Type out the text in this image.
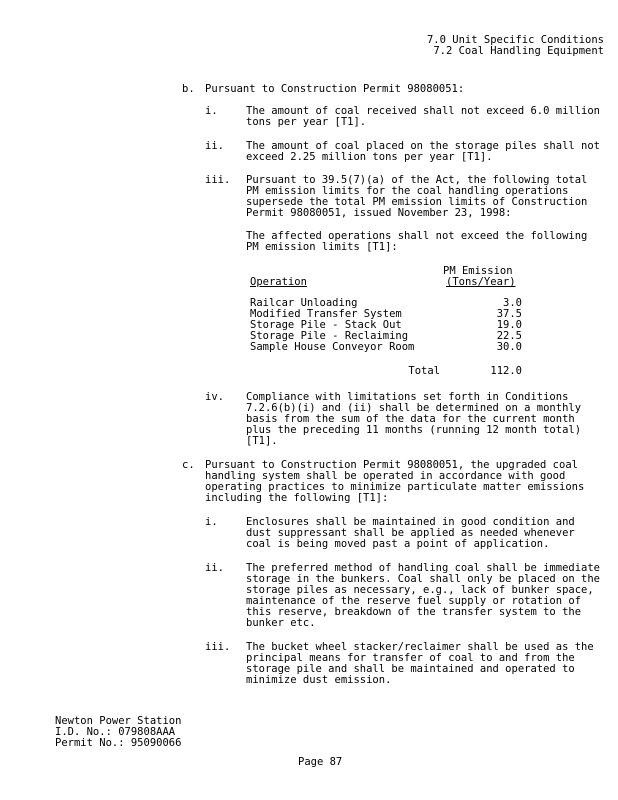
7.0 Unit Specific Conditions
7.2 Coal Handling Equipment
b. Pursuant to Construction Permit 98080051:
i.	The amount of coal received shall not exceed 6.0 million tons per year [T1].
ii. The amount of coal placed on the storage piles shall not exceed 2.25 million tons per year [T1].
iii. Pursuant to 39.5(7)(a) of the Act, the following total PM emission limits for the coal handling operations supersede the total PM emission limits of Construction Permit 98080051, issued November 23, 1998:
The affected operations shall not exceed the following PM emission limits [T1]:
PM Emission
Operation	(Tons/Year)
Railcar Unloading	3.0
Modified Transfer System	37.5
Storage Pile - Stack Out	19.0
Storage Pile - Reclaiming	22.5
Sample House Conveyor Room	30.0

Total	112.0
iv. Compliance with limitations set forth in Conditions 7.2.6(b)(i) and (ii) shall be determined on a monthly basis from the sum of the data for the current month plus the preceding 11 months (running 12 month total) [T1].
c. Pursuant to Construction Permit 98080051, the upgraded coal handling system shall be operated in accordance with good operating practices to minimize particulate matter emissions including the following [T1]:
i.	Enclosures shall be maintained in good condition and dust suppressant shall be applied as needed whenever coal is being moved past a point of application.
ii. The preferred method of handling coal shall be immediate storage in the bunkers. Coal shall only be placed on the storage piles as necessary, e.g., lack of bunker space, maintenance of the reserve fuel supply or rotation of this reserve, breakdown of the transfer system to the bunker etc.
iii. The bucket wheel stacker/reclaimer shall be used as the principal means for transfer of coal to and from the storage pile and shall be maintained and operated to minimize dust emission.
Newton Power Station
I.D. No.: 079808AAA
Permit No.: 95090066
Page 87
